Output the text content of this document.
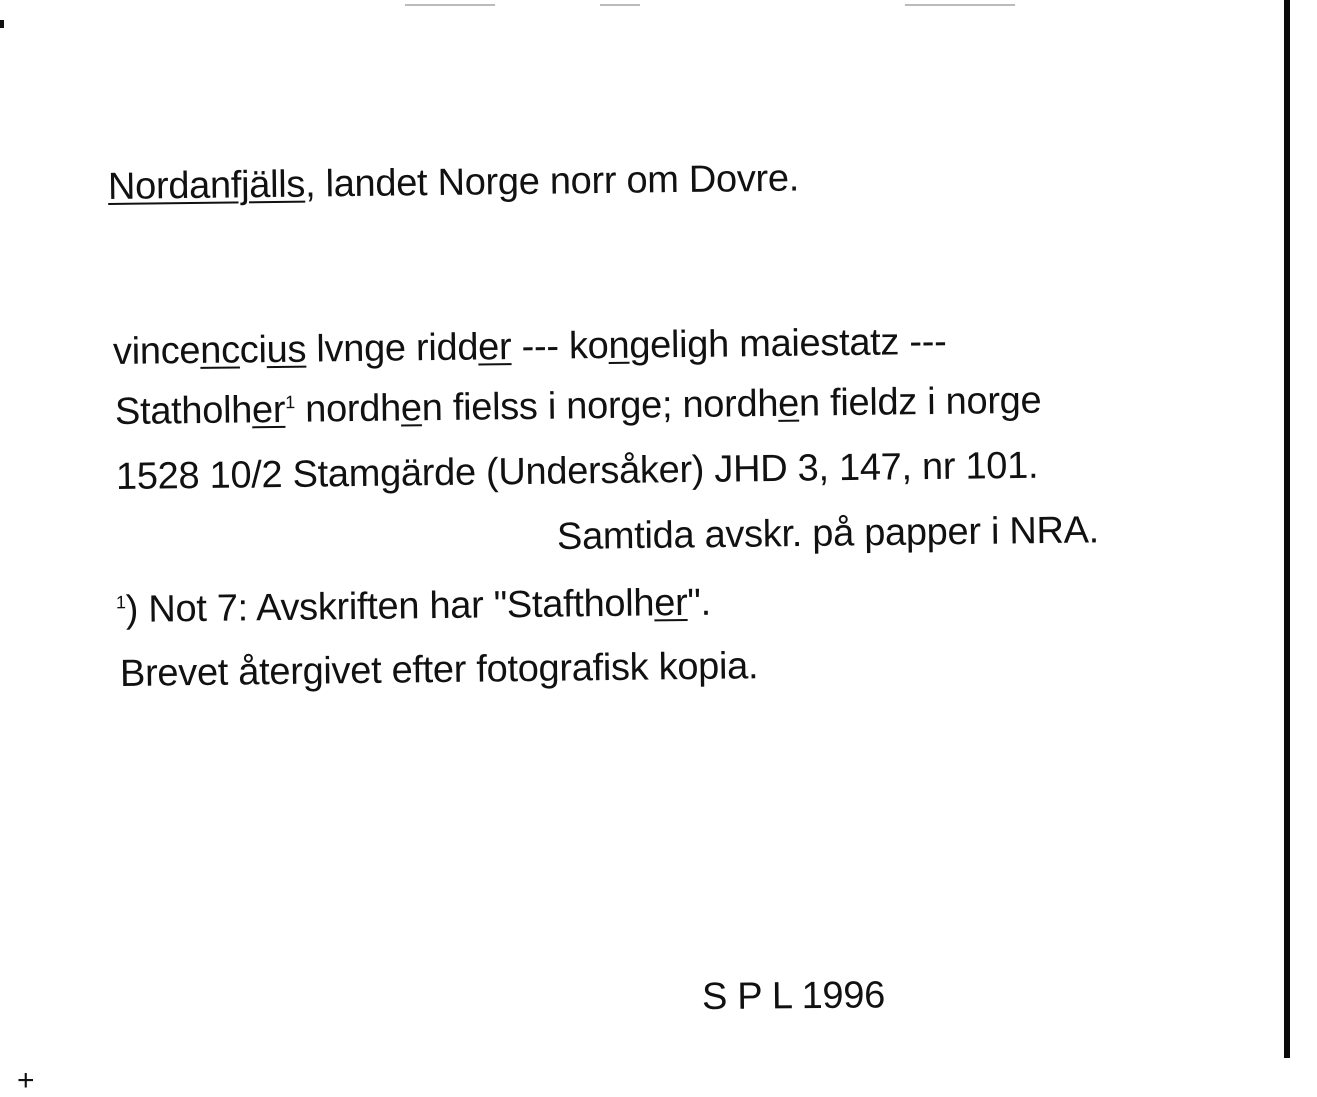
Nordanfjälls, landet Norge norr om Dovre.
vincenccius lvnge ridder --- kongeligh maiestatz ---
Statholher$^1$ nordhen fielss i norge; nordhen fieldz i norge
1528 10/2 Stamgärde (Undersåker) JHD 3, 147, nr 101.
Samtida avskr. på papper i NRA.
$^1$) Not 7: Avskriften har "Staftholher".
Brevet återgivet efter fotografisk kopia.
S P L 1996
+
